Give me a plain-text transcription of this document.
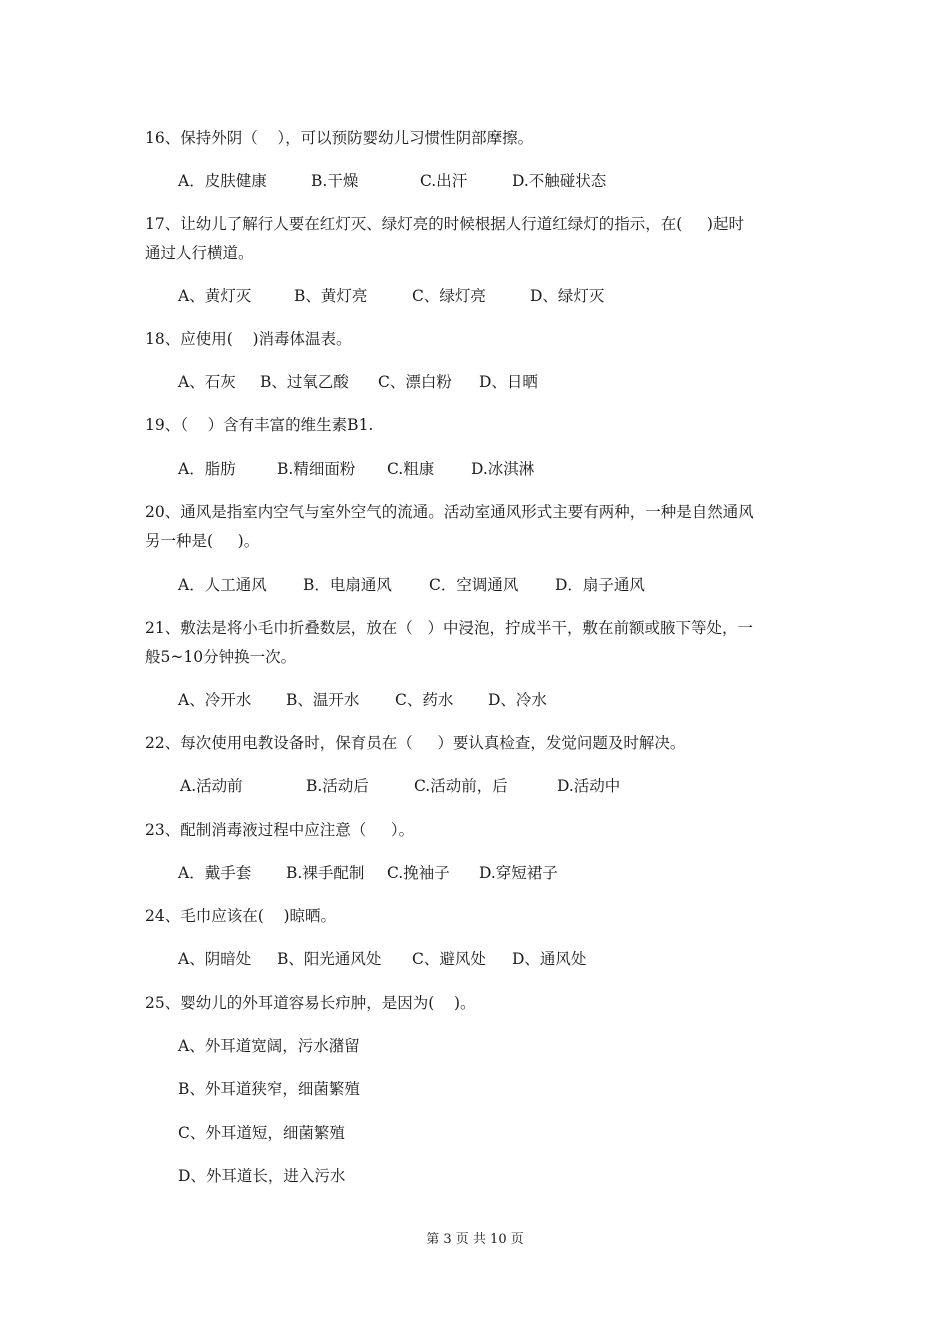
16、保持外阴（    ），可以预防婴幼儿习惯性阴部摩擦。
A．皮肤健康	B.干燥	C.出汗	D.不触碰状态
17、让幼儿了解行人要在红灯灭、绿灯亮的时候根据人行道红绿灯的指示，在(     )起时
通过人行横道。
A、黄灯灭	B、黄灯亮	C、绿灯亮	D、绿灯灭
18、应使用(    )消毒体温表。
A、石灰 B、过氧乙酸 C、漂白粉 D、日晒
19、（    ）含有丰富的维生素B1.
A．脂肪	B.精细面粉 C.粗康 D.冰淇淋
20、通风是指室内空气与室外空气的流通。活动室通风形式主要有两种，一种是自然通风
另一种是(     )。
A．人工通风 B．电扇通风 C．空调通风 D．扇子通风
21、敷法是将小毛巾折叠数层，放在（   ）中浸泡，拧成半干，敷在前额或腋下等处，一
般5~10分钟换一次。
A、冷开水 B、温开水 C、药水 D、冷水
22、每次使用电教设备时，保育员在（     ）要认真检查，发觉问题及时解决。
A.活动前	B.活动后	C.活动前，后	D.活动中
23、配制消毒液过程中应注意（     ）。
A．戴手套 B.裸手配制 C.挽袖子 D.穿短裙子
24、毛巾应该在(    )晾晒。
A、阴暗处 B、阳光通风处 C、避风处 D、通风处
25、婴幼儿的外耳道容易长疖肿，是因为(    )。
A、外耳道宽阔，污水潴留
B、外耳道狭窄，细菌繁殖
C、外耳道短，细菌繁殖
D、外耳道长，进入污水
第 3 页 共 10 页
